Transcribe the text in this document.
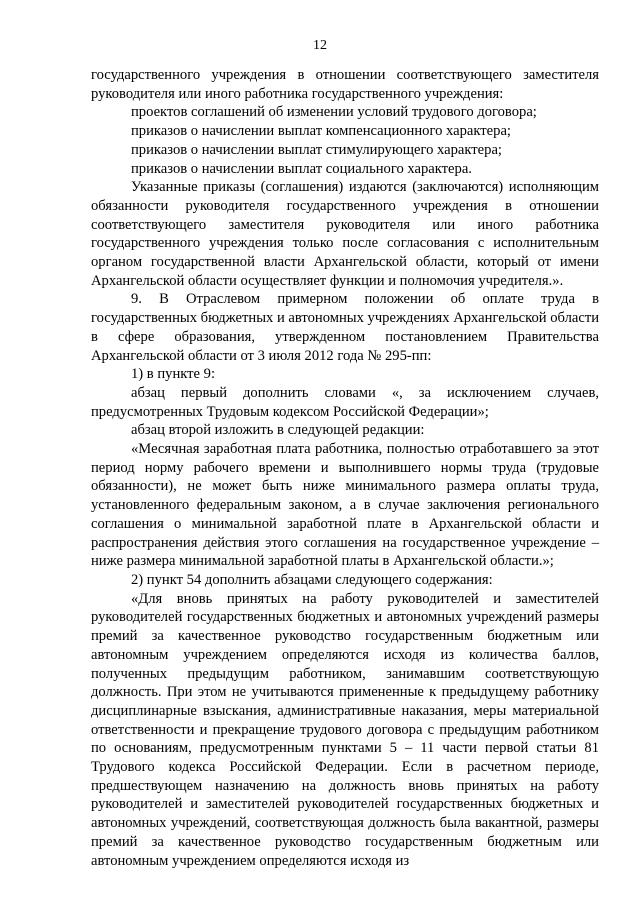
12

государственного учреждения в отношении соответствующего заместителя руководителя или иного работника государственного учреждения:

проектов соглашений об изменении условий трудового договора;

приказов о начислении выплат компенсационного характера;

приказов о начислении выплат стимулирующего характера;

приказов о начислении выплат социального характера.

Указанные приказы (соглашения) издаются (заключаются) исполняющим обязанности руководителя государственного учреждения в отношении соответствующего заместителя руководителя или иного работника государственного учреждения только после согласования с исполнительным органом государственной власти Архангельской области, который от имени Архангельской области осуществляет функции и полномочия учредителя.».

9. В Отраслевом примерном положении об оплате труда в государственных бюджетных и автономных учреждениях Архангельской области в сфере образования, утвержденном постановлением Правительства Архангельской области от 3 июля 2012 года № 295-пп:

1) в пункте 9:

абзац первый дополнить словами «, за исключением случаев, предусмотренных Трудовым кодексом Российской Федерации»;

абзац второй изложить в следующей редакции:

«Месячная заработная плата работника, полностью отработавшего за этот период норму рабочего времени и выполнившего нормы труда (трудовые обязанности), не может быть ниже минимального размера оплаты труда, установленного федеральным законом, а в случае заключения регионального соглашения о минимальной заработной плате в Архангельской области и распространения действия этого соглашения на государственное учреждение – ниже размера минимальной заработной платы в Архангельской области.»;

2) пункт 54 дополнить абзацами следующего содержания:

«Для вновь принятых на работу руководителей и заместителей руководителей государственных бюджетных и автономных учреждений размеры премий за качественное руководство государственным бюджетным или автономным учреждением определяются исходя из количества баллов, полученных предыдущим работником, занимавшим соответствующую должность. При этом не учитываются примененные к предыдущему работнику дисциплинарные взыскания, административные наказания, меры материальной ответственности и прекращение трудового договора с предыдущим работником по основаниям, предусмотренным пунктами 5 – 11 части первой статьи 81 Трудового кодекса Российской Федерации. Если в расчетном периоде, предшествующем назначению на должность вновь принятых на работу руководителей и заместителей руководителей государственных бюджетных и автономных учреждений, соответствующая должность была вакантной, размеры премий за качественное руководство государственным бюджетным или автономным учреждением определяются исходя из
